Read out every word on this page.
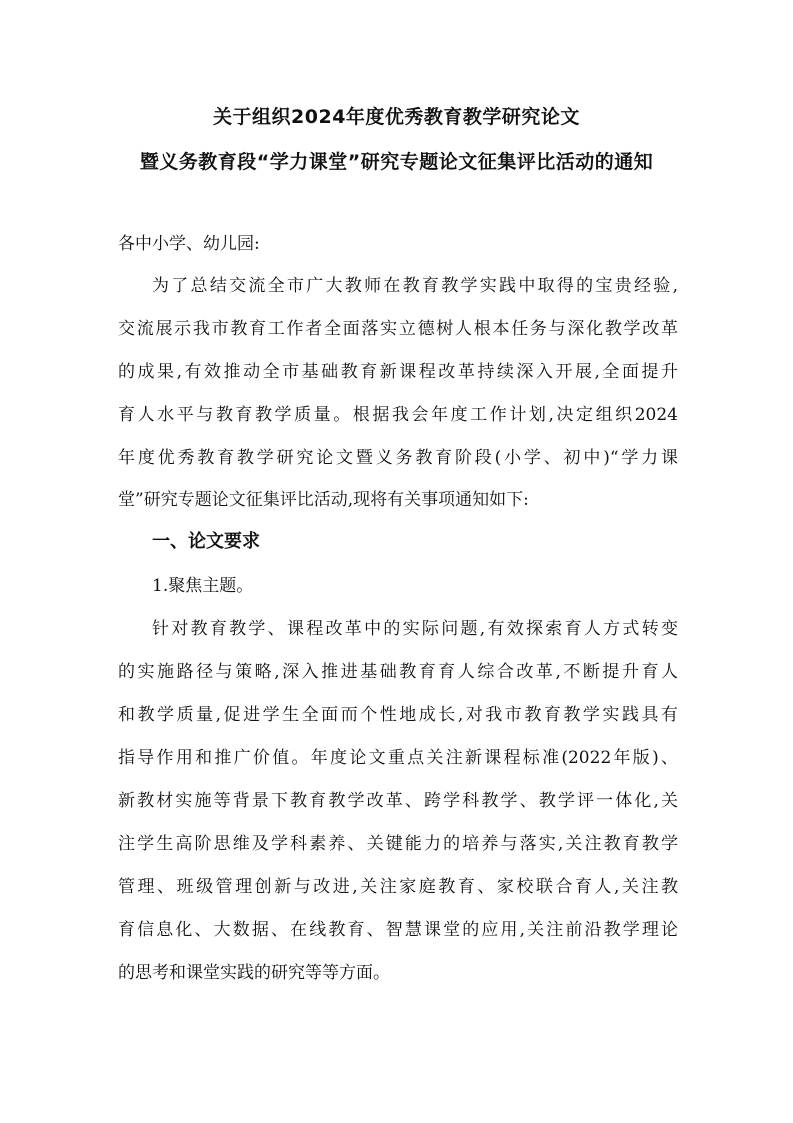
关于组织2024年度优秀教育教学研究论文
暨义务教育段“学力课堂”研究专题论文征集评比活动的通知
各中小学、幼儿园:
为了总结交流全市广大教师在教育教学实践中取得的宝贵经验,
交流展示我市教育工作者全面落实立德树人根本任务与深化教学改革
的成果,有效推动全市基础教育新课程改革持续深入开展,全面提升
育人水平与教育教学质量。根据我会年度工作计划,决定组织2024
年度优秀教育教学研究论文暨义务教育阶段(小学、初中)“学力课
堂”研究专题论文征集评比活动,现将有关事项通知如下:
一、论文要求
1.聚焦主题。
针对教育教学、课程改革中的实际问题,有效探索育人方式转变
的实施路径与策略,深入推进基础教育育人综合改革,不断提升育人
和教学质量,促进学生全面而个性地成长,对我市教育教学实践具有
指导作用和推广价值。年度论文重点关注新课程标准(2022年版)、
新教材实施等背景下教育教学改革、跨学科教学、教学评一体化,关
注学生高阶思维及学科素养、关键能力的培养与落实,关注教育教学
管理、班级管理创新与改进,关注家庭教育、家校联合育人,关注教
育信息化、大数据、在线教育、智慧课堂的应用,关注前沿教学理论
的思考和课堂实践的研究等等方面。
